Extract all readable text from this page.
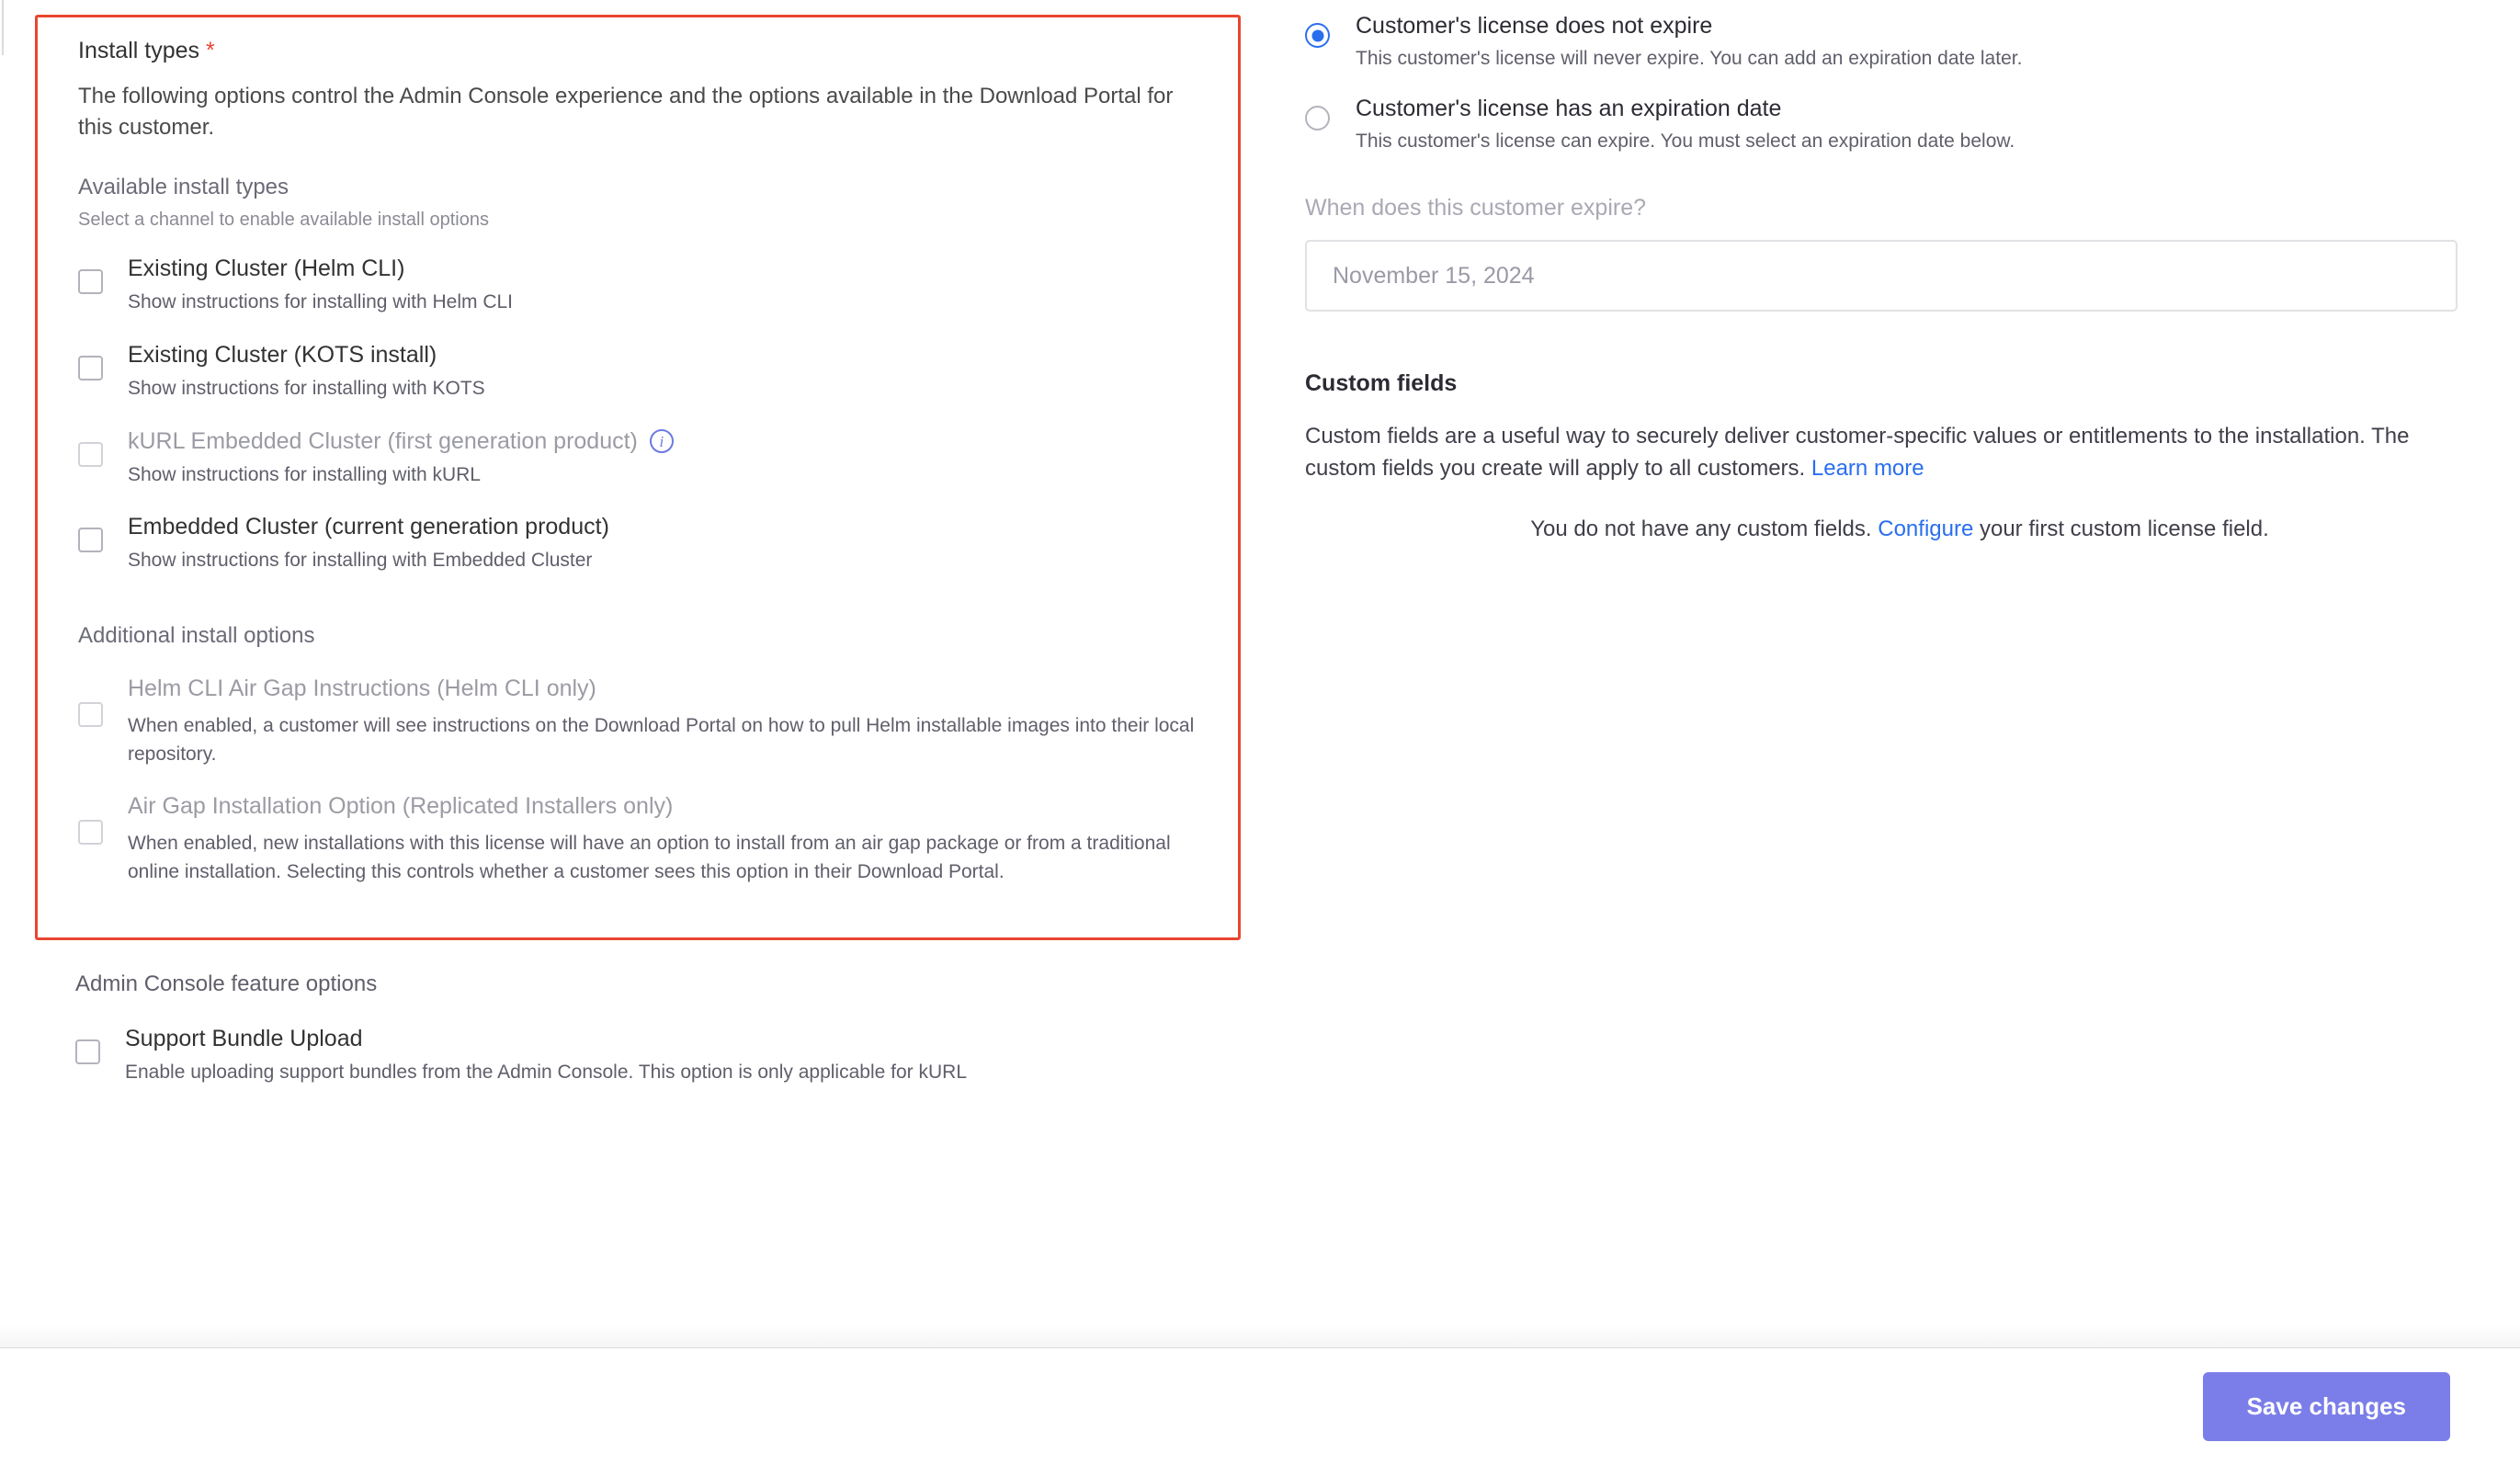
Install types *

The following options control the Admin Console experience and the options available in the Download Portal for this customer.

Available install types

Select a channel to enable available install options

Existing Cluster (Helm CLI)

Show instructions for installing with Helm CLI

Existing Cluster (KOTS install)

Show instructions for installing with KOTS

kURL Embedded Cluster (first generation product)	i

Show instructions for installing with kURL

Embedded Cluster (current generation product)

Show instructions for installing with Embedded Cluster

Additional install options

Helm CLI Air Gap Instructions (Helm CLI only)

When enabled, a customer will see instructions on the Download Portal on how to pull Helm installable images into their local repository.

Air Gap Installation Option (Replicated Installers only)

When enabled, new installations with this license will have an option to install from an air gap package or from a traditional online installation. Selecting this controls whether a customer sees this option in their Download Portal.

Admin Console feature options

Support Bundle Upload

Enable uploading support bundles from the Admin Console. This option is only applicable for kURL

Customer's license does not expire

This customer's license will never expire. You can add an expiration date later.

Customer's license has an expiration date

This customer's license can expire. You must select an expiration date below.

When does this customer expire?

November 15, 2024

Custom fields

Custom fields are a useful way to securely deliver customer-specific values or entitlements to the installation. The custom fields you create will apply to all customers. Learn more

You do not have any custom fields. Configure your first custom license field.

Save changes
